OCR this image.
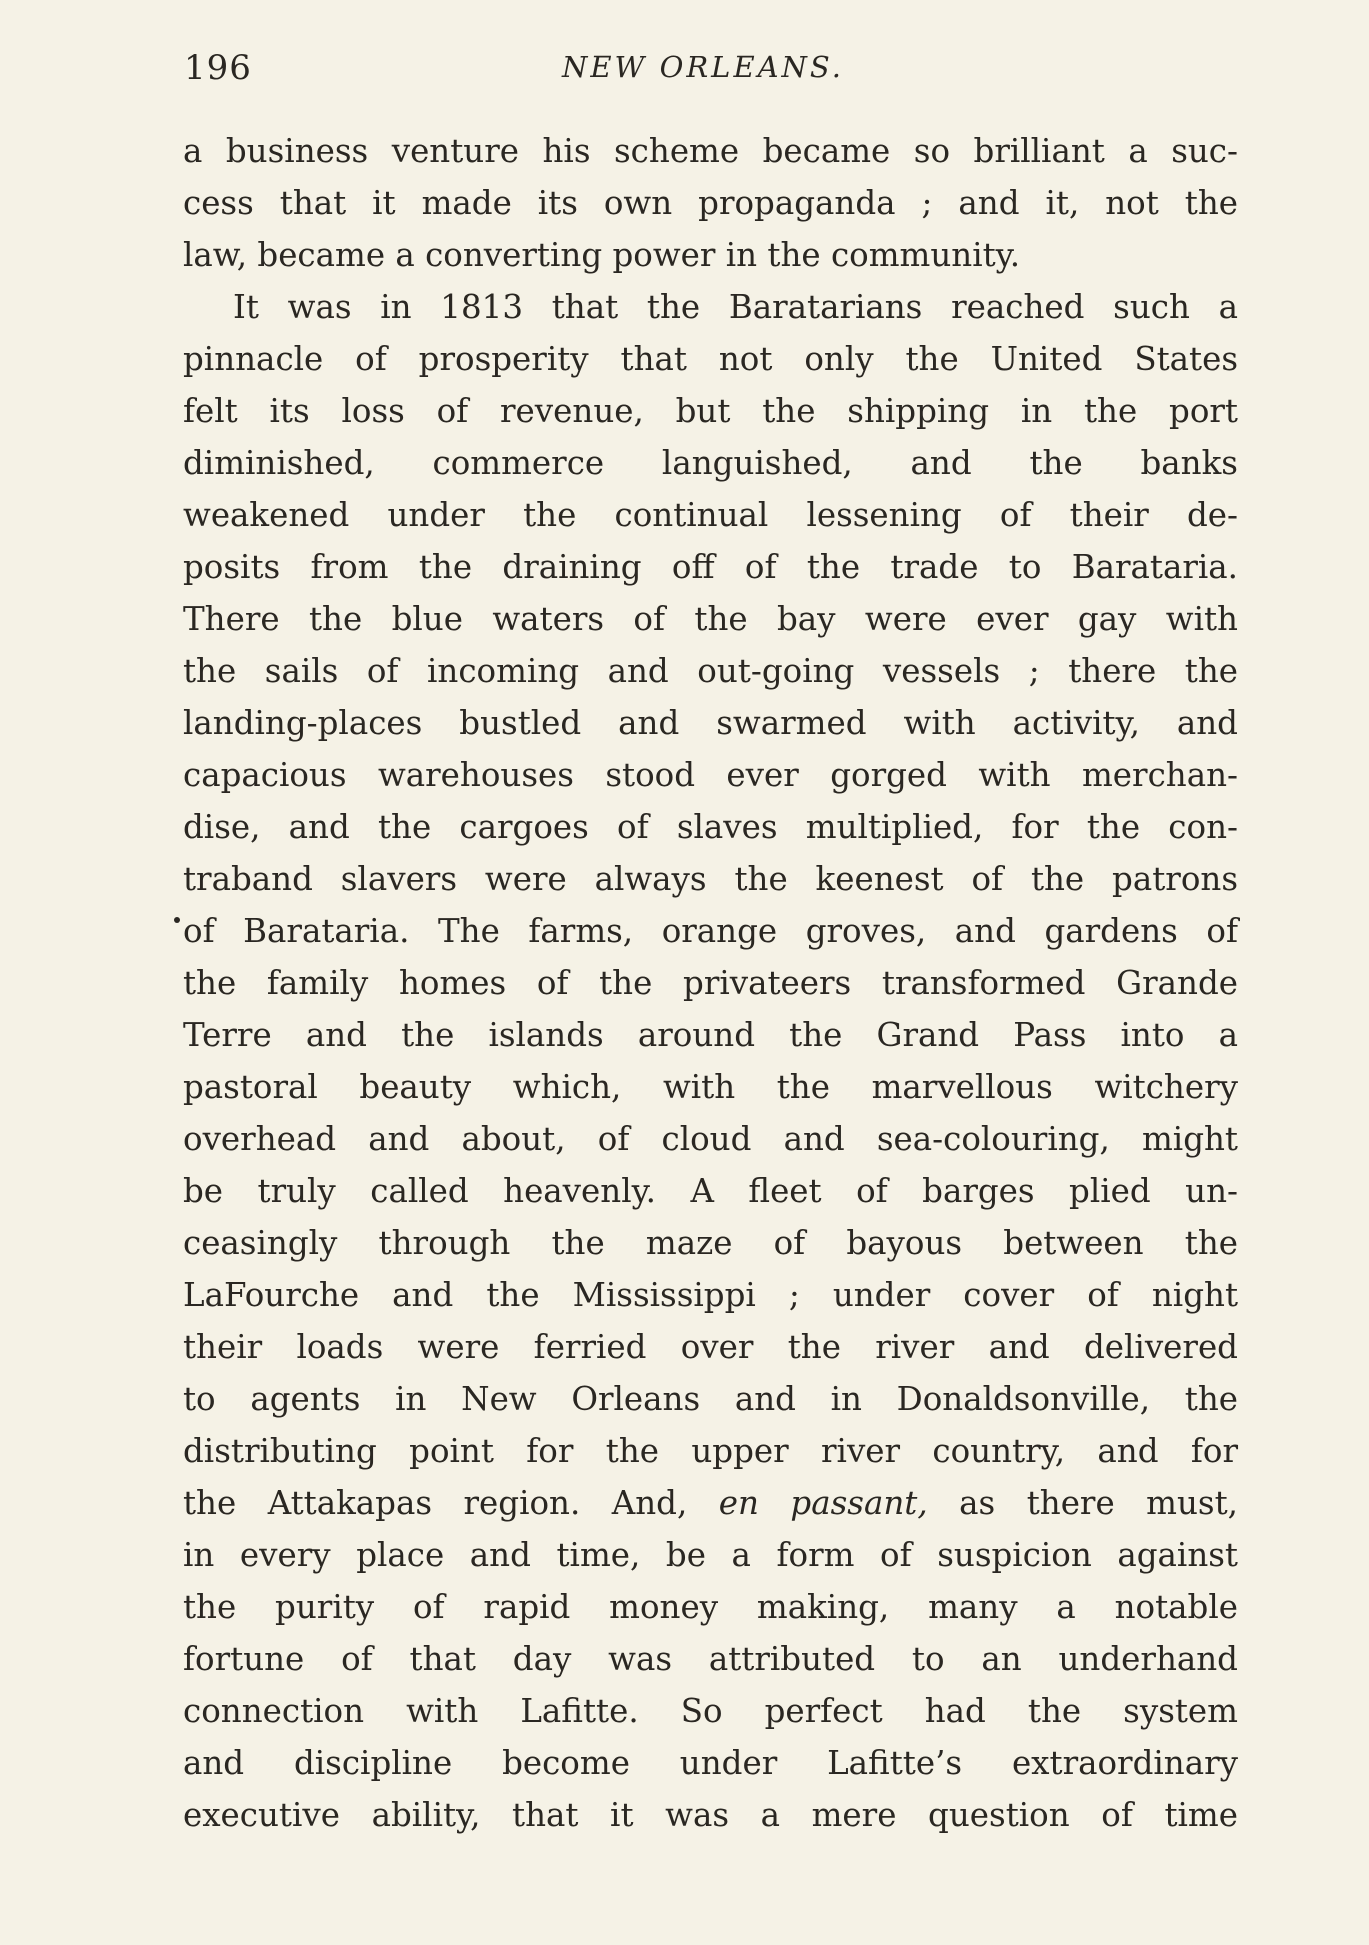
196	NEW ORLEANS.
a business venture his scheme became so brilliant a suc-
cess that it made its own propaganda ; and it, not the
law, became a converting power in the community.
It was in 1813 that the Baratarians reached such a
pinnacle of prosperity that not only the United States
felt its loss of revenue, but the shipping in the port
diminished, commerce languished, and the banks
weakened under the continual lessening of their de-
posits from the draining off of the trade to Barataria.
There the blue waters of the bay were ever gay with
the sails of incoming and out-going vessels ; there the
landing-places bustled and swarmed with activity, and
capacious warehouses stood ever gorged with merchan-
dise, and the cargoes of slaves multiplied, for the con-
traband slavers were always the keenest of the patrons
of Barataria. The farms, orange groves, and gardens of
the family homes of the privateers transformed Grande
Terre and the islands around the Grand Pass into a
pastoral beauty which, with the marvellous witchery
overhead and about, of cloud and sea-colouring, might
be truly called heavenly. A fleet of barges plied un-
ceasingly through the maze of bayous between the
LaFourche and the Mississippi ; under cover of night
their loads were ferried over the river and delivered
to agents in New Orleans and in Donaldsonville, the
distributing point for the upper river country, and for
the Attakapas region. And, en passant, as there must,
in every place and time, be a form of suspicion against
the purity of rapid money making, many a notable
fortune of that day was attributed to an underhand
connection with Lafitte. So perfect had the system
and discipline become under Lafitte’s extraordinary
executive ability, that it was a mere question of time
